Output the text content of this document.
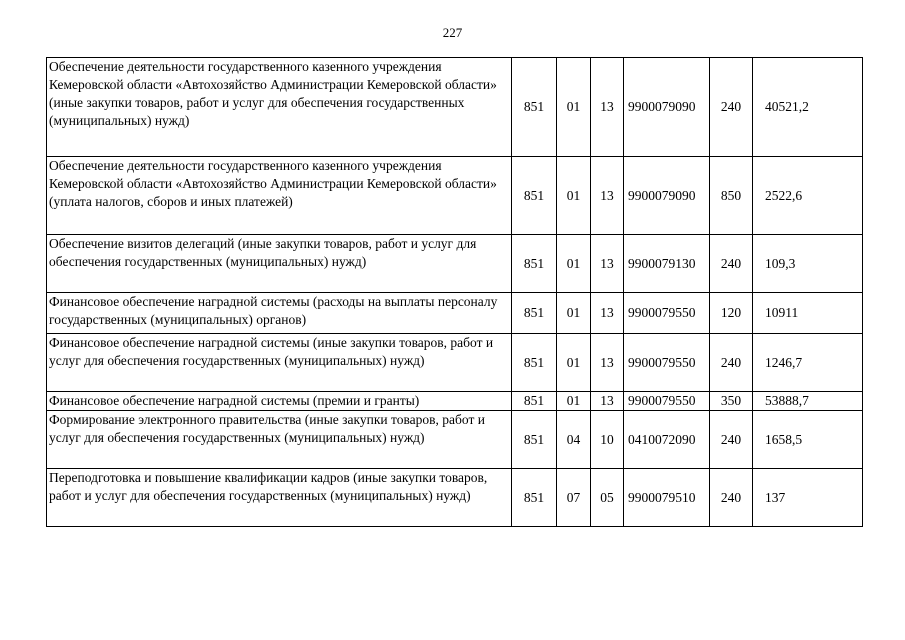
227
Обеспечение деятельности государственного казенного учреждения Кемеровской области «Автохозяйство Администрации Кемеровской области» (иные закупки товаров, работ и услуг для обеспечения государственных (муниципальных) нужд)	851	01	13	9900079090	240	40521,2
Обеспечение деятельности государственного казенного учреждения Кемеровской области «Автохозяйство Администрации Кемеровской области» (уплата налогов, сборов и иных платежей)	851	01	13	9900079090	850	2522,6
Обеспечение визитов делегаций (иные закупки товаров, работ и услуг для обеспечения государственных (муниципальных) нужд)	851	01	13	9900079130	240	109,3
Финансовое обеспечение наградной системы (расходы на выплаты персоналу государственных (муниципальных) органов)	851	01	13	9900079550	120	10911
Финансовое обеспечение наградной системы (иные закупки товаров, работ и услуг для обеспечения государственных (муниципальных) нужд)	851	01	13	9900079550	240	1246,7
Финансовое обеспечение наградной системы (премии и гранты)	851	01	13	9900079550	350	53888,7
Формирование электронного правительства (иные закупки товаров, работ и услуг для обеспечения государственных (муниципальных) нужд)	851	04	10	0410072090	240	1658,5
Переподготовка и повышение квалификации кадров (иные закупки товаров, работ и услуг для обеспечения государственных (муниципальных) нужд)	851	07	05	9900079510	240	137
